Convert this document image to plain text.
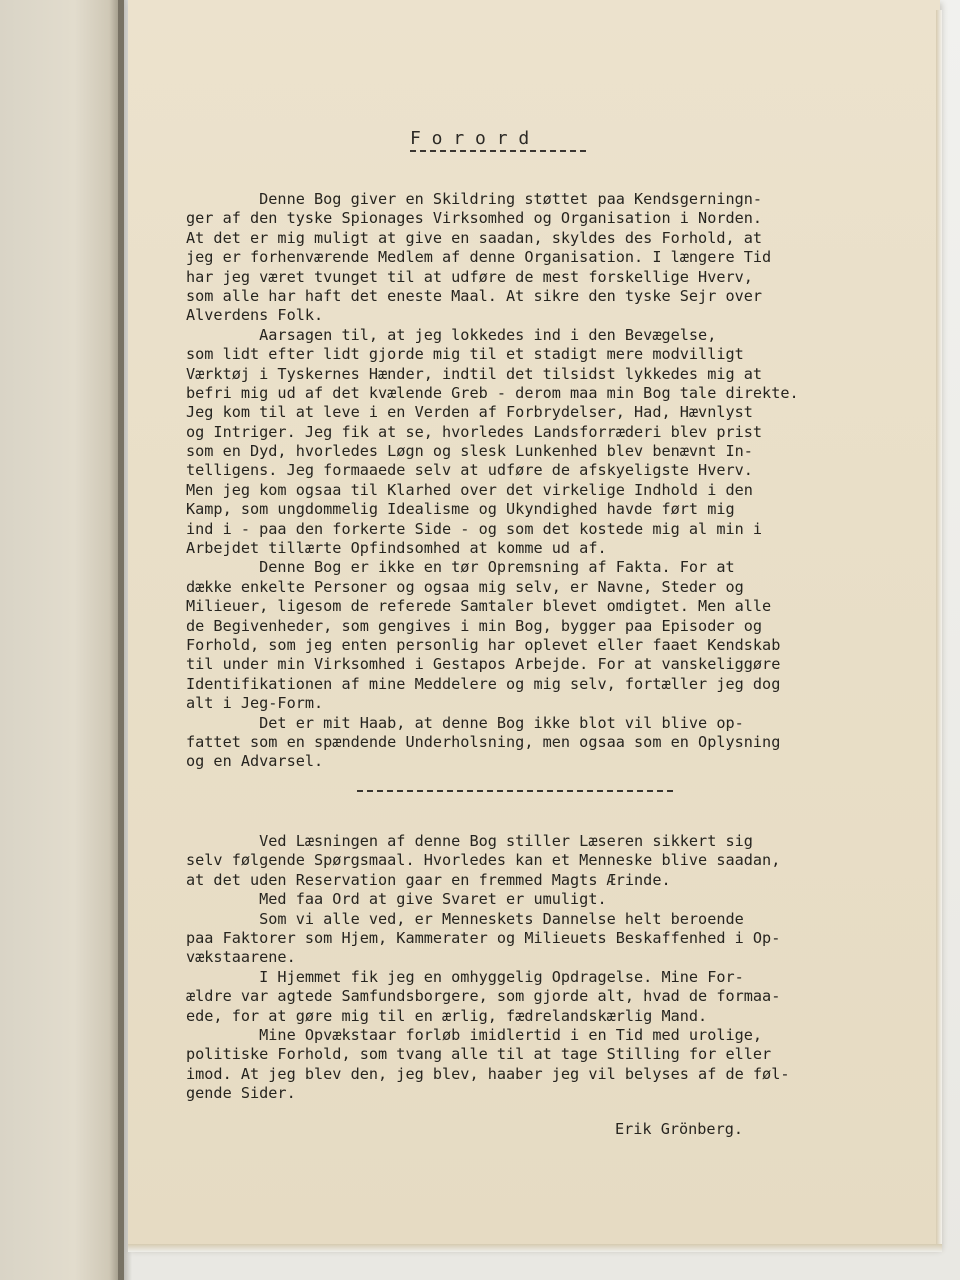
F o r o r d
Denne Bog giver en Skildring støttet paa Kendsgerningn-
ger af den tyske Spionages Virksomhed og Organisation i Norden.
At det er mig muligt at give en saadan, skyldes des Forhold, at
jeg er forhenværende Medlem af denne Organisation. I længere Tid
har jeg været tvunget til at udføre de mest forskellige Hverv,
som alle har haft det eneste Maal. At sikre den tyske Sejr over
Alverdens Folk.
Aarsagen til, at jeg lokkedes ind i den Bevægelse,
som lidt efter lidt gjorde mig til et stadigt mere modvilligt
Værktøj i Tyskernes Hænder, indtil det tilsidst lykkedes mig at
befri mig ud af det kvælende Greb - derom maa min Bog tale direkte.
Jeg kom til at leve i en Verden af Forbrydelser, Had, Hævnlyst
og Intriger. Jeg fik at se, hvorledes Landsforræderi blev prist
som en Dyd, hvorledes Løgn og slesk Lunkenhed blev benævnt In-
telligens. Jeg formaaede selv at udføre de afskyeligste Hverv.
Men jeg kom ogsaa til Klarhed over det virkelige Indhold i den
Kamp, som ungdommelig Idealisme og Ukyndighed havde ført mig
ind i - paa den forkerte Side - og som det kostede mig al min i
Arbejdet tillærte Opfindsomhed at komme ud af.
Denne Bog er ikke en tør Opremsning af Fakta. For at
dække enkelte Personer og ogsaa mig selv, er Navne, Steder og
Milieuer, ligesom de referede Samtaler blevet omdigtet. Men alle
de Begivenheder, som gengives i min Bog, bygger paa Episoder og
Forhold, som jeg enten personlig har oplevet eller faaet Kendskab
til under min Virksomhed i Gestapos Arbejde. For at vanskeliggøre
Identifikationen af mine Meddelere og mig selv, fortæller jeg dog
alt i Jeg-Form.
Det er mit Haab, at denne Bog ikke blot vil blive op-
fattet som en spændende Underholsning, men ogsaa som en Oplysning
og en Advarsel.
Ved Læsningen af denne Bog stiller Læseren sikkert sig
selv følgende Spørgsmaal. Hvorledes kan et Menneske blive saadan,
at det uden Reservation gaar en fremmed Magts Ærinde.
Med faa Ord at give Svaret er umuligt.
Som vi alle ved, er Menneskets Dannelse helt beroende
paa Faktorer som Hjem, Kammerater og Milieuets Beskaffenhed i Op-
vækstaarene.
I Hjemmet fik jeg en omhyggelig Opdragelse. Mine For-
ældre var agtede Samfundsborgere, som gjorde alt, hvad de formaa-
ede, for at gøre mig til en ærlig, fædrelandskærlig Mand.
Mine Opvækstaar forløb imidlertid i en Tid med urolige,
politiske Forhold, som tvang alle til at tage Stilling for eller
imod. At jeg blev den, jeg blev, haaber jeg vil belyses af de føl-
gende Sider.
Erik Grönberg.
